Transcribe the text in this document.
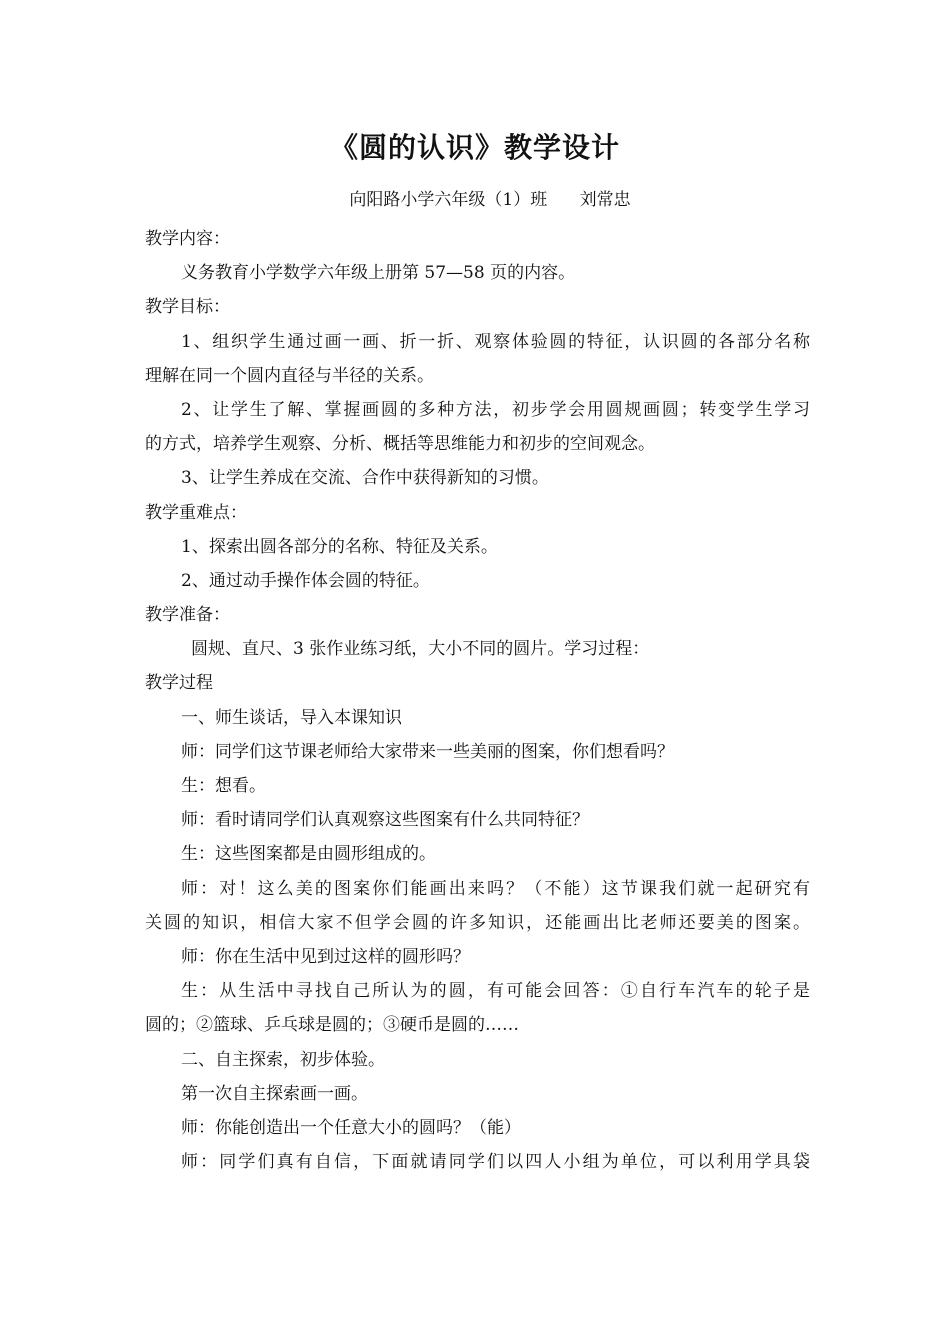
《圆的认识》教学设计
向阳路小学六年级（1）班      刘常忠
教学内容：
义务教育小学数学六年级上册第 57—58 页的内容。
教学目标：
1、组织学生通过画一画、折一折、观察体验圆的特征，认识圆的各部分名称
理解在同一个圆内直径与半径的关系。
2、让学生了解、掌握画圆的多种方法，初步学会用圆规画圆；转变学生学习
的方式，培养学生观察、分析、概括等思维能力和初步的空间观念。
3、让学生养成在交流、合作中获得新知的习惯。
教学重难点：
1、探索出圆各部分的名称、特征及关系。
2、通过动手操作体会圆的特征。
教学准备：
圆规、直尺、3 张作业练习纸，大小不同的圆片。学习过程：
教学过程
一、师生谈话，导入本课知识
师：同学们这节课老师给大家带来一些美丽的图案，你们想看吗？
生：想看。
师：看时请同学们认真观察这些图案有什么共同特征？
生：这些图案都是由圆形组成的。
师：对！这么美的图案你们能画出来吗？（不能）这节课我们就一起研究有
关圆的知识，相信大家不但学会圆的许多知识，还能画出比老师还要美的图案。
师：你在生活中见到过这样的圆形吗？
生：从生活中寻找自己所认为的圆，有可能会回答：①自行车汽车的轮子是
圆的；②篮球、乒乓球是圆的；③硬币是圆的……
二、自主探索，初步体验。
第一次自主探索画一画。
师：你能创造出一个任意大小的圆吗？（能）
师：同学们真有自信，下面就请同学们以四人小组为单位，可以利用学具袋
